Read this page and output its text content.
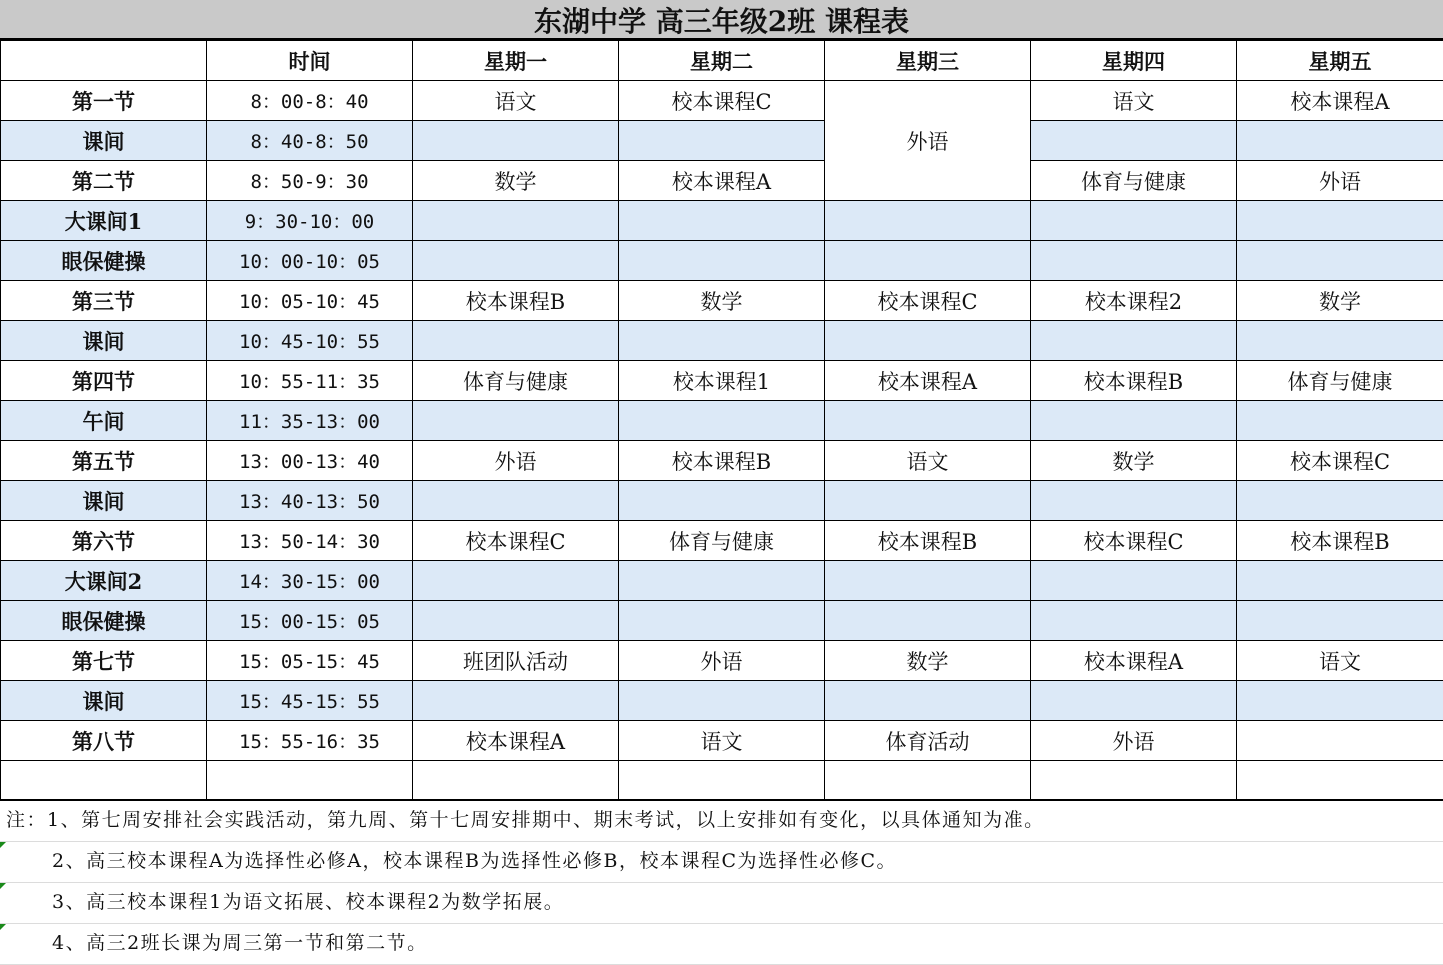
东湖中学 高三年级2班 课程表
	时间	星期一	星期二	星期三	星期四	星期五
第一节	8：00-8：40	语文	校本课程C	外语	语文	校本课程A
课间	8：40-8：50					
第二节	8：50-9：30	数学	校本课程A		体育与健康	外语
大课间1	9：30-10：00					
眼保健操	10：00-10：05					
第三节	10：05-10：45	校本课程B	数学	校本课程C	校本课程2	数学
课间	10：45-10：55					
第四节	10：55-11：35	体育与健康	校本课程1	校本课程A	校本课程B	体育与健康
午间	11：35-13：00					
第五节	13：00-13：40	外语	校本课程B	语文	数学	校本课程C
课间	13：40-13：50					
第六节	13：50-14：30	校本课程C	体育与健康	校本课程B	校本课程C	校本课程B
大课间2	14：30-15：00					
眼保健操	15：00-15：05					
第七节	15：05-15：45	班团队活动	外语	数学	校本课程A	语文
课间	15：45-15：55					
第八节	15：55-16：35	校本课程A	语文	体育活动	外语	

注：1、第七周安排社会实践活动，第九周、第十七周安排期中、期末考试，以上安排如有变化，以具体通知为准。
2、高三校本课程A为选择性必修A，校本课程B为选择性必修B，校本课程C为选择性必修C。
3、高三校本课程1为语文拓展、校本课程2为数学拓展。
4、高三2班长课为周三第一节和第二节。
